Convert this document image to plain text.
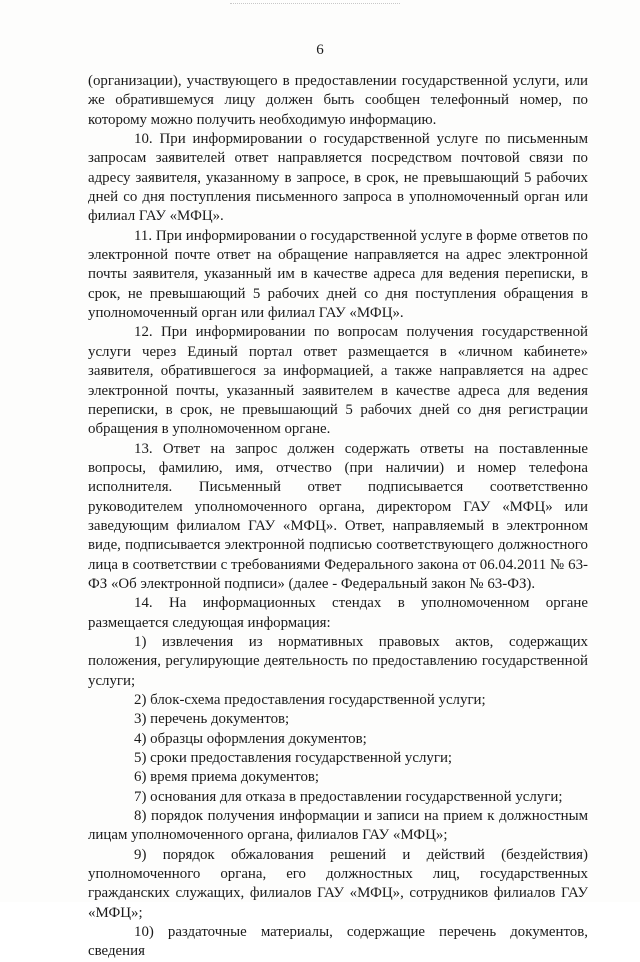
6

(организации), участвующего в предоставлении государственной услуги, или же обратившемуся лицу должен быть сообщен телефонный номер, по которому можно получить необходимую информацию.

10. При информировании о государственной услуге по письменным запросам заявителей ответ направляется посредством почтовой связи по адресу заявителя, указанному в запросе, в срок, не превышающий 5 рабочих дней со дня поступления письменного запроса в уполномоченный орган или филиал ГАУ «МФЦ».

11. При информировании о государственной услуге в форме ответов по электронной почте ответ на обращение направляется на адрес электронной почты заявителя, указанный им в качестве адреса для ведения переписки, в срок, не превышающий 5 рабочих дней со дня поступления обращения в уполномоченный орган или филиал ГАУ «МФЦ».

12. При информировании по вопросам получения государственной услуги через Единый портал ответ размещается в «личном кабинете» заявителя, обратившегося за информацией, а также направляется на адрес электронной почты, указанный заявителем в качестве адреса для ведения переписки, в срок, не превышающий 5 рабочих дней со дня регистрации обращения в уполномоченном органе.

13. Ответ на запрос должен содержать ответы на поставленные вопросы, фамилию, имя, отчество (при наличии) и номер телефона исполнителя. Письменный ответ подписывается соответственно руководителем уполномоченного органа, директором ГАУ «МФЦ» или заведующим филиалом ГАУ «МФЦ». Ответ, направляемый в электронном виде, подписывается электронной подписью соответствующего должностного лица в соответствии с требованиями Федерального закона от 06.04.2011 № 63-ФЗ «Об электронной подписи» (далее - Федеральный закон № 63-ФЗ).

14. На информационных стендах в уполномоченном органе размещается следующая информация:

1) извлечения из нормативных правовых актов, содержащих положения, регулирующие деятельность по предоставлению государственной услуги;

2) блок-схема предоставления государственной услуги;

3) перечень документов;

4) образцы оформления документов;

5) сроки предоставления государственной услуги;

6) время приема документов;

7) основания для отказа в предоставлении государственной услуги;

8) порядок получения информации и записи на прием к должностным лицам уполномоченного органа, филиалов ГАУ «МФЦ»;

9) порядок обжалования решений и действий (бездействия) уполномоченного органа, его должностных лиц, государственных гражданских служащих, филиалов ГАУ «МФЦ», сотрудников филиалов ГАУ «МФЦ»;

10) раздаточные материалы, содержащие перечень документов, сведения
